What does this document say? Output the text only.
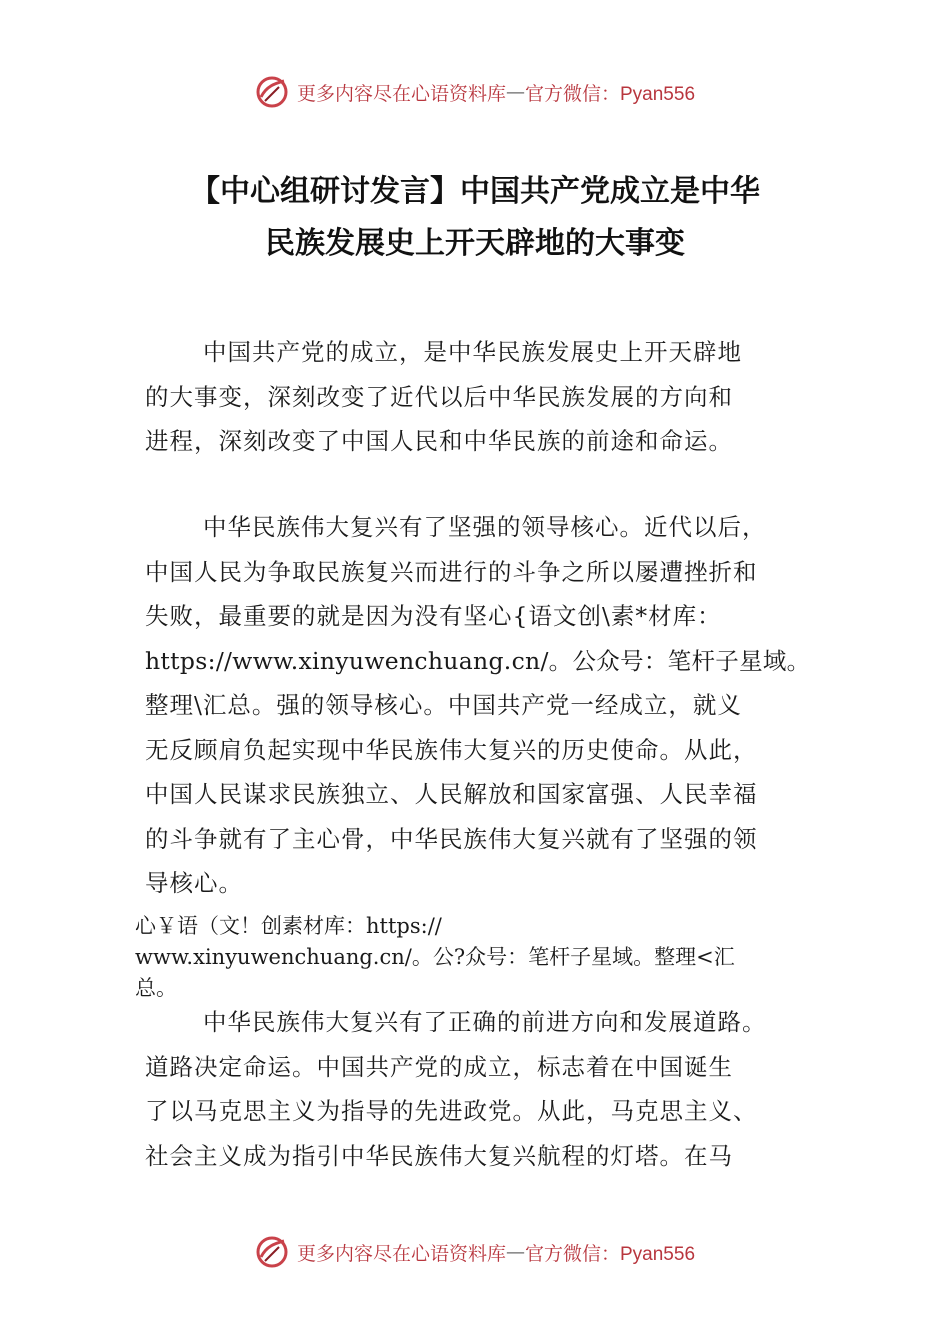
更多内容尽在心语资料库 — 官方微信：Pyan556
【中心组研讨发言】中国共产党成立是中华
民族发展史上开天辟地的大事变

中国共产党的成立，是中华民族发展史上开天辟地
的大事变，深刻改变了近代以后中华民族发展的方向和
进程，深刻改变了中国人民和中华民族的前途和命运。

中华民族伟大复兴有了坚强的领导核心。近代以后，
中国人民为争取民族复兴而进行的斗争之所以屡遭挫折和
失败，最重要的就是因为没有坚心{语文创\素*材库：
https://www.xinyuwenchuang.cn/。公众号：笔杆子星域。
整理\汇总。强的领导核心。中国共产党一经成立，就义
无反顾肩负起实现中华民族伟大复兴的历史使命。从此，
中国人民谋求民族独立、人民解放和国家富强、人民幸福
的斗争就有了主心骨，中华民族伟大复兴就有了坚强的领
导核心。

心￥语（文！创素材库：https://
www.xinyuwenchuang.cn/。公?众号：笔杆子星域。整理<汇
总。

中华民族伟大复兴有了正确的前进方向和发展道路。
道路决定命运。中国共产党的成立，标志着在中国诞生
了以马克思主义为指导的先进政党。从此，马克思主义、
社会主义成为指引中华民族伟大复兴航程的灯塔。在马

更多内容尽在心语资料库 — 官方微信：Pyan556
